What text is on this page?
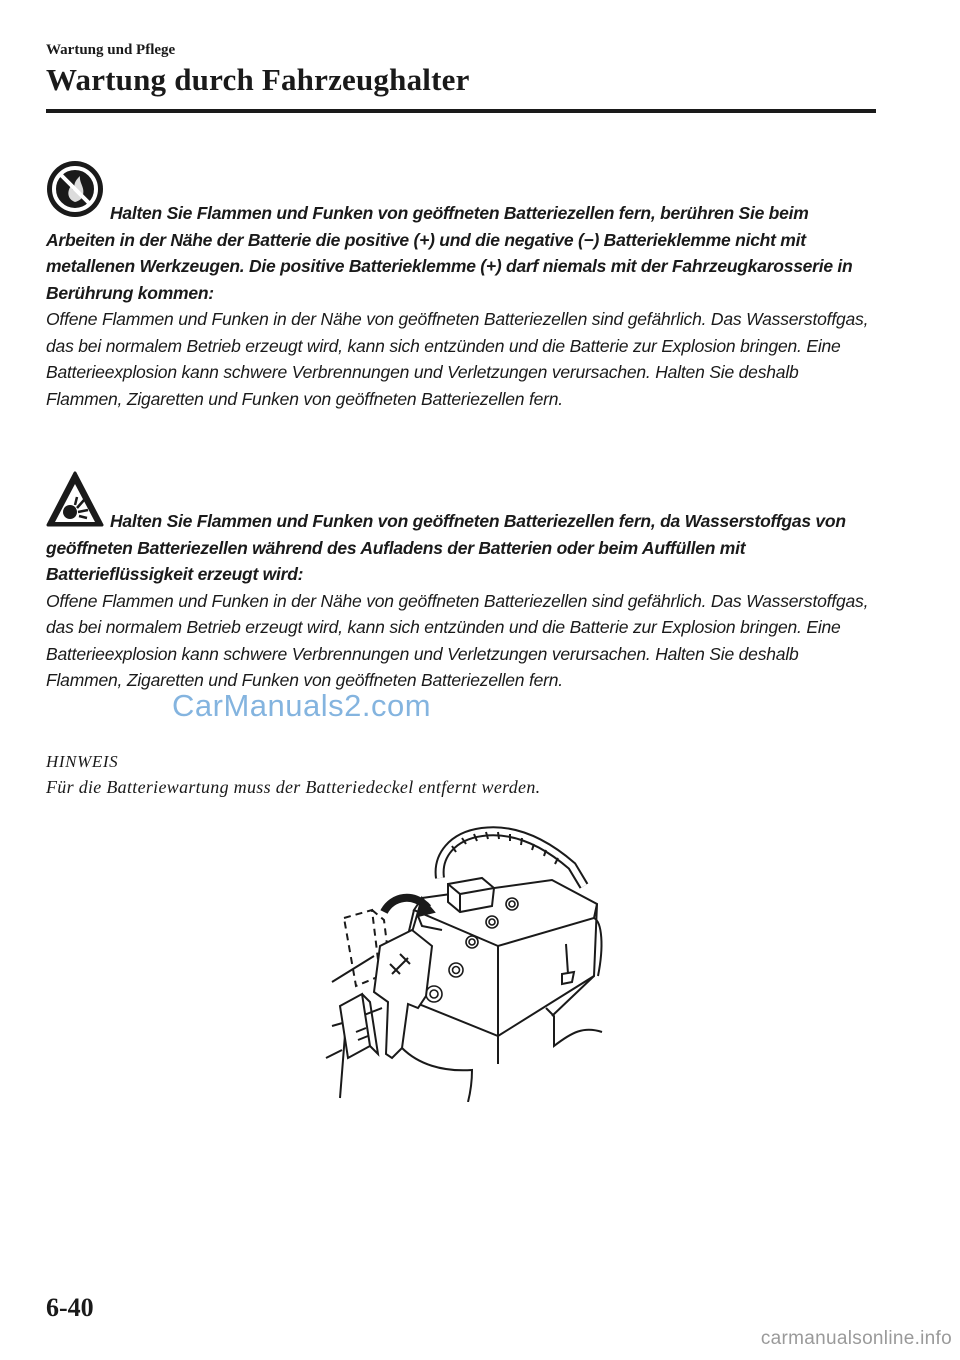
Wartung und Pflege
Wartung durch Fahrzeughalter
Halten Sie Flammen und Funken von geöffneten Batteriezellen fern, berühren Sie beim Arbeiten in der Nähe der Batterie die positive (+) und die negative (−) Batterieklemme nicht mit metallenen Werkzeugen. Die positive Batterieklemme (+) darf niemals mit der Fahrzeugkarosserie in Berührung kommen:
Offene Flammen und Funken in der Nähe von geöffneten Batteriezellen sind gefährlich. Das Wasserstoffgas, das bei normalem Betrieb erzeugt wird, kann sich entzünden und die Batterie zur Explosion bringen. Eine Batterieexplosion kann schwere Verbrennungen und Verletzungen verursachen. Halten Sie deshalb Flammen, Zigaretten und Funken von geöffneten Batteriezellen fern.
Halten Sie Flammen und Funken von geöffneten Batteriezellen fern, da Wasserstoffgas von geöffneten Batteriezellen während des Aufladens der Batterien oder beim Auffüllen mit Batterieflüssigkeit erzeugt wird:
Offene Flammen und Funken in der Nähe von geöffneten Batteriezellen sind gefährlich. Das Wasserstoffgas, das bei normalem Betrieb erzeugt wird, kann sich entzünden und die Batterie zur Explosion bringen. Eine Batterieexplosion kann schwere Verbrennungen und Verletzungen verursachen. Halten Sie deshalb Flammen, Zigaretten und Funken von geöffneten Batteriezellen fern.
CarManuals2.com
HINWEIS
Für die Batteriewartung muss der Batteriedeckel entfernt werden.
6-40
carmanualsonline.info
